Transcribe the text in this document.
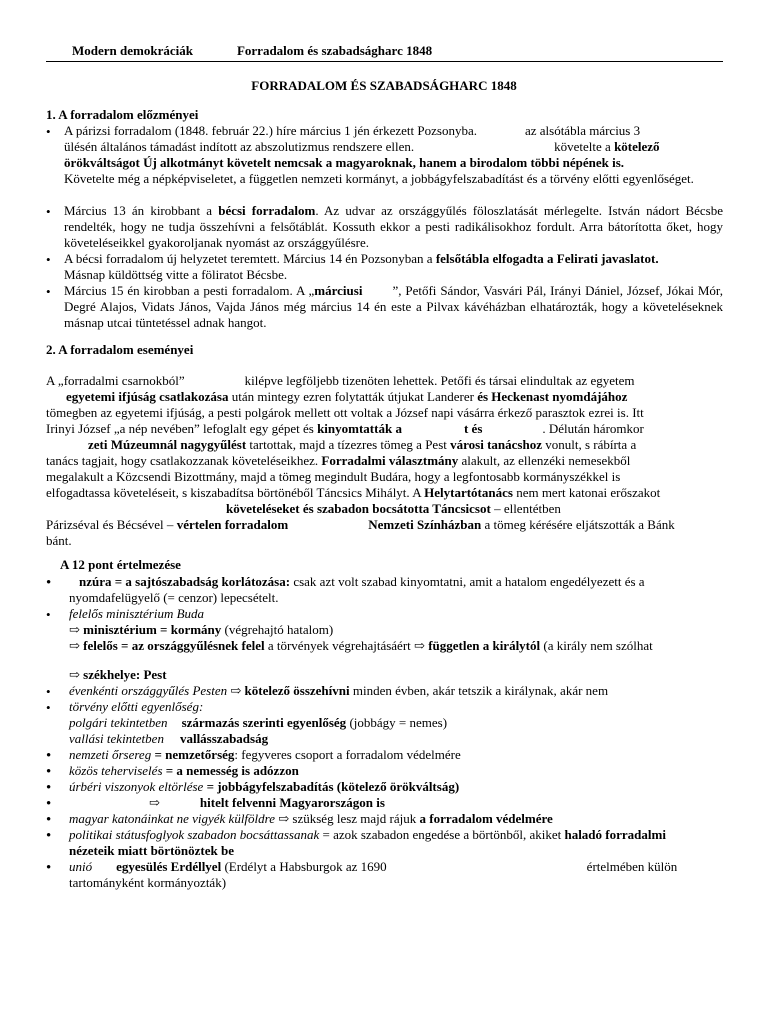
Modern demokráciák	Forradalom és szabadságharc 1848
FORRADALOM ÉS SZABADSÁGHARC 1848
1. A forradalom előzményei
• A párizsi forradalom (1848. február 22.) híre március 1 jén érkezett Pozsonyba.	az alsótábla március 3
ülésén általános támadást indított az abszolutizmus rendszere ellen.	követelte a kötelező
örökváltságot Új alkotmányt követelt nemcsak a magyaroknak, hanem a birodalom többi népének is.
Követelte még a népképviseletet, a független nemzeti kormányt, a jobbágyfelszabadítást és a törvény előtti egyenlőséget.
• Március 13 án kirobbant a bécsi forradalom. Az udvar az országgyűlés föloszlatását mérlegelte. István nádort Bécsbe rendelték, hogy ne tudja összehívni a felsőtáblát. Kossuth ekkor a pesti radikálisokhoz fordult. Arra bátorította őket, hogy követeléseikkel gyakoroljanak nyomást az országgyűlésre.
• A bécsi forradalom új helyzetet teremtett. Március 14 én Pozsonyban a felsőtábla elfogadta a Felirati javaslatot.
Másnap küldöttség vitte a föliratot Bécsbe.
• Március 15 én kirobban a pesti forradalom. A „márciusi ”, Petőfi Sándor, Vasvári Pál, Irányi Dániel, József, Jókai Mór, Degré Alajos, Vidats János, Vajda János még március 14 én este a Pilvax kávéházban elhatározták, hogy a követeléseknek másnap utcai tüntetéssel adnak hangot.
2. A forradalom eseményei
A „forradalmi csarnokból”	kilépve legföljebb tizenöten lehettek. Petőfi és társai elindultak az egyetem
egyetemi ifjúság csatlakozása után mintegy ezren folytatták útjukat Landerer és Heckenast nyomdájához
tömegben az egyetemi ifjúság, a pesti polgárok mellett ott voltak a József napi vásárra érkező parasztok ezrei is. Itt
Irinyi József „a nép nevében” lefoglalt egy gépet és kinyomtatták a	t és	. Délután háromkor
zeti Múzeumnál nagygyűlést tartottak, majd a tízezres tömeg a Pest városi tanácshoz vonult, s rábírta a
tanács tagjait, hogy csatlakozzanak követeléseikhez. Forradalmi választmány alakult, az ellenzéki nemesekből
megalakult a Közcsendi Bizottmány, majd a tömeg megindult Budára, hogy a legfontosabb kormányszékkel is
elfogadtassa követeléseit, s kiszabadítsa börtönéből Táncsics Mihályt. A Helytartótanács nem mert katonai erőszakot
követeléseket és szabadon bocsátotta Táncsicsot – ellentétben
Párizséval és Bécsével – vértelen forradalom	Nemzeti Színházban a tömeg kérésére eljátszották a Bánk
bánt.
A 12 pont értelmezése
•	nzúra = a sajtószabadság korlátozása: csak azt volt szabad kinyomtatni, amit a hatalom engedélyezett és a
nyomdafelügyelő (= cenzor) lepecsételt.
• felelős minisztérium Buda
⇨ minisztérium = kormány (végrehajtó hatalom)
⇨ felelős = az országgyűlésnek felel a törvények végrehajtásáért ⇨ független a királytól (a király nem szólhat
⇨ székhelye: Pest
• évenkénti országgyűlés Pesten ⇨ kötelező összehívni minden évben, akár tetszik a királynak, akár nem
• törvény előtti egyenlőség:
polgári tekintetben származás szerinti egyenlőség (jobbágy = nemes)
vallási tekintetben vallásszabadság
• nemzeti őrsereg = nemzetőrség: fegyveres csoport a forradalom védelmére
• közös teherviselés = a nemesség is adózzon
• úrbéri viszonyok eltörlése = jobbágyfelszabadítás (kötelező örökváltság)
•	⇨	hitelt felvenni Magyarországon is
• magyar katonáinkat ne vigyék külföldre ⇨ szükség lesz majd rájuk a forradalom védelmére
• politikai státusfoglyok szabadon bocsáttassanak = azok szabadon engedése a börtönből, akiket haladó forradalmi
nézeteik miatt börtönöztek be
• unió egyesülés Erdéllyel (Erdélyt a Habsburgok az 1690	értelmében külön
tartományként kormányozták)
